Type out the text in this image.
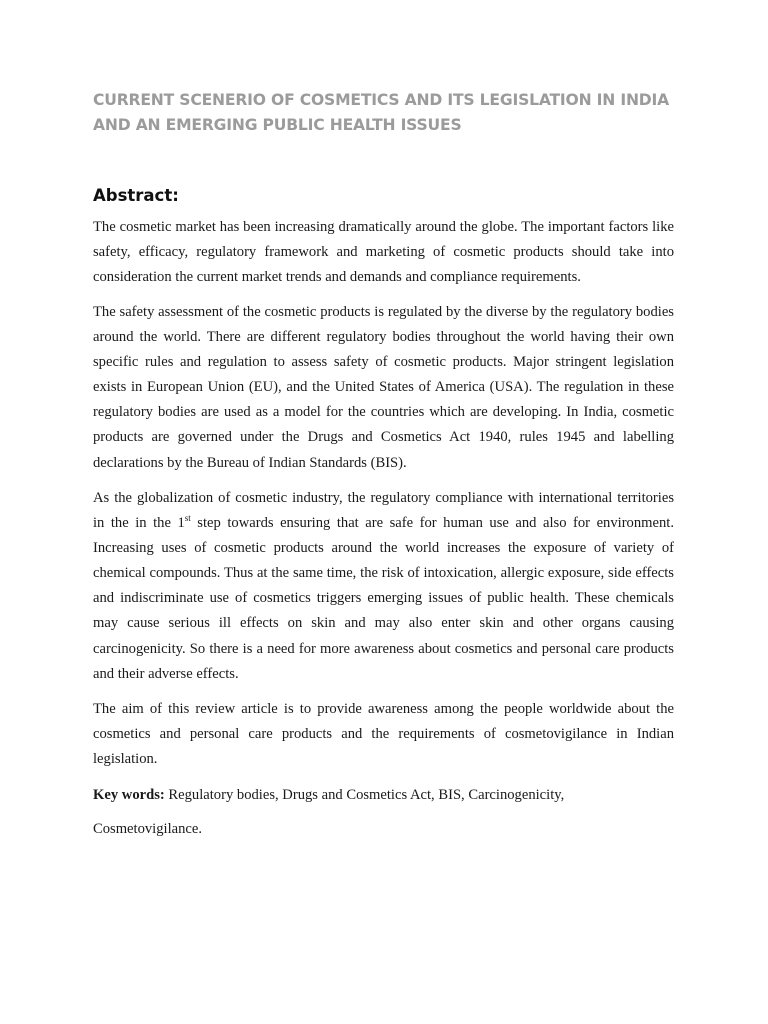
CURRENT SCENERIO OF COSMETICS AND ITS LEGISLATION IN INDIA AND AN EMERGING PUBLIC HEALTH ISSUES
Abstract:

The cosmetic market has been increasing dramatically around the globe. The important factors like safety, efficacy, regulatory framework and marketing of cosmetic products should take into consideration the current market trends and demands and compliance requirements.

The safety assessment of the cosmetic products is regulated by the diverse by the regulatory bodies around the world. There are different regulatory bodies throughout the world having their own specific rules and regulation to assess safety of cosmetic products. Major stringent legislation exists in European Union (EU), and the United States of America (USA). The regulation in these regulatory bodies are used as a model for the countries which are developing. In India, cosmetic products are governed under the Drugs and Cosmetics Act 1940, rules 1945 and labelling declarations by the Bureau of Indian Standards (BIS).

As the globalization of cosmetic industry, the regulatory compliance with international territories in the in the 1st step towards ensuring that are safe for human use and also for environment. Increasing uses of cosmetic products around the world increases the exposure of variety of chemical compounds. Thus at the same time, the risk of intoxication, allergic exposure, side effects and indiscriminate use of cosmetics triggers emerging issues of public health. These chemicals may cause serious ill effects on skin and may also enter skin and other organs causing carcinogenicity. So there is a need for more awareness about cosmetics and personal care products and their adverse effects.

The aim of this review article is to provide awareness among the people worldwide about the cosmetics and personal care products and the requirements of cosmetovigilance in Indian legislation.

Key words: Regulatory bodies, Drugs and Cosmetics Act, BIS, Carcinogenicity,

Cosmetovigilance.
